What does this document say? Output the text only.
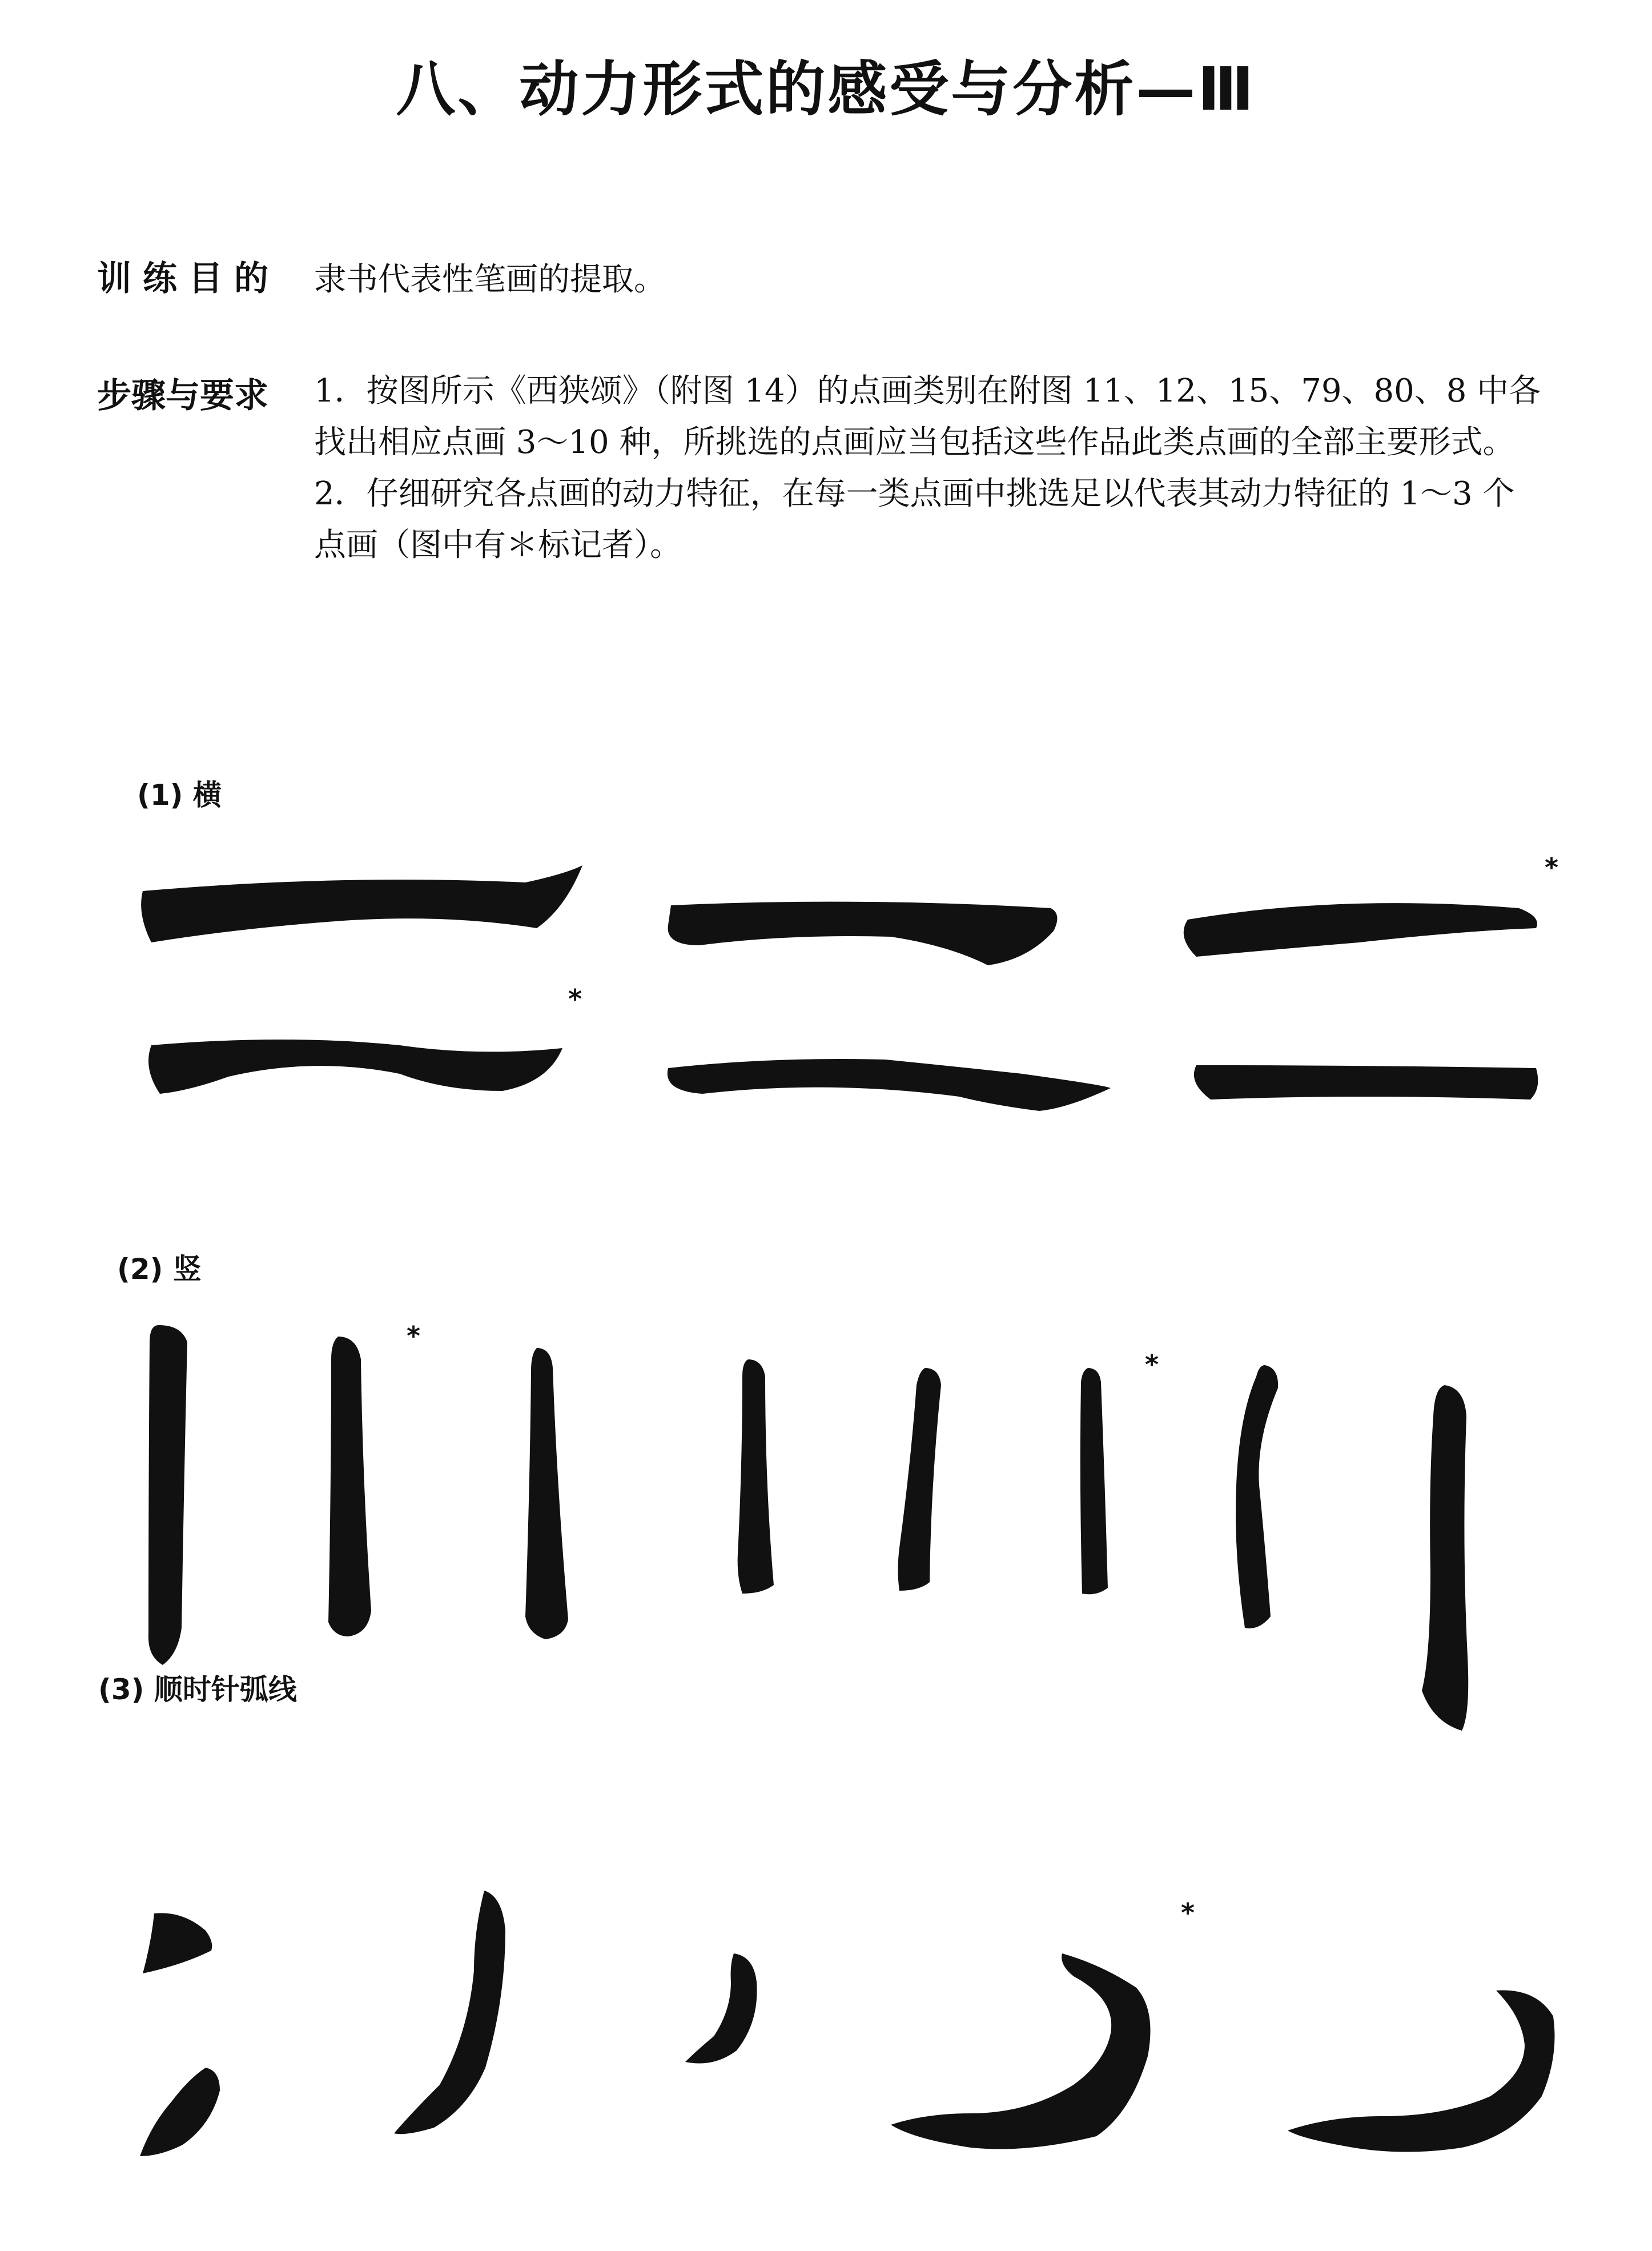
八、动力形式的感受与分析—Ⅲ
训练目的 隶书代表性笔画的提取。
步骤与要求 1．按图所示《西狭颂》（附图 14）的点画类别在附图 11、12、15、79、80、8 中各

找出相应点画 3～10 种，所挑选的点画应当包括这些作品此类点画的全部主要形式。

2．仔细研究各点画的动力特征，在每一类点画中挑选足以代表其动力特征的 1～3 个

点画（图中有＊标记者）。

(1) 横
(2) 竖
(3) 顺时针弧线
*
*
*
*
*
